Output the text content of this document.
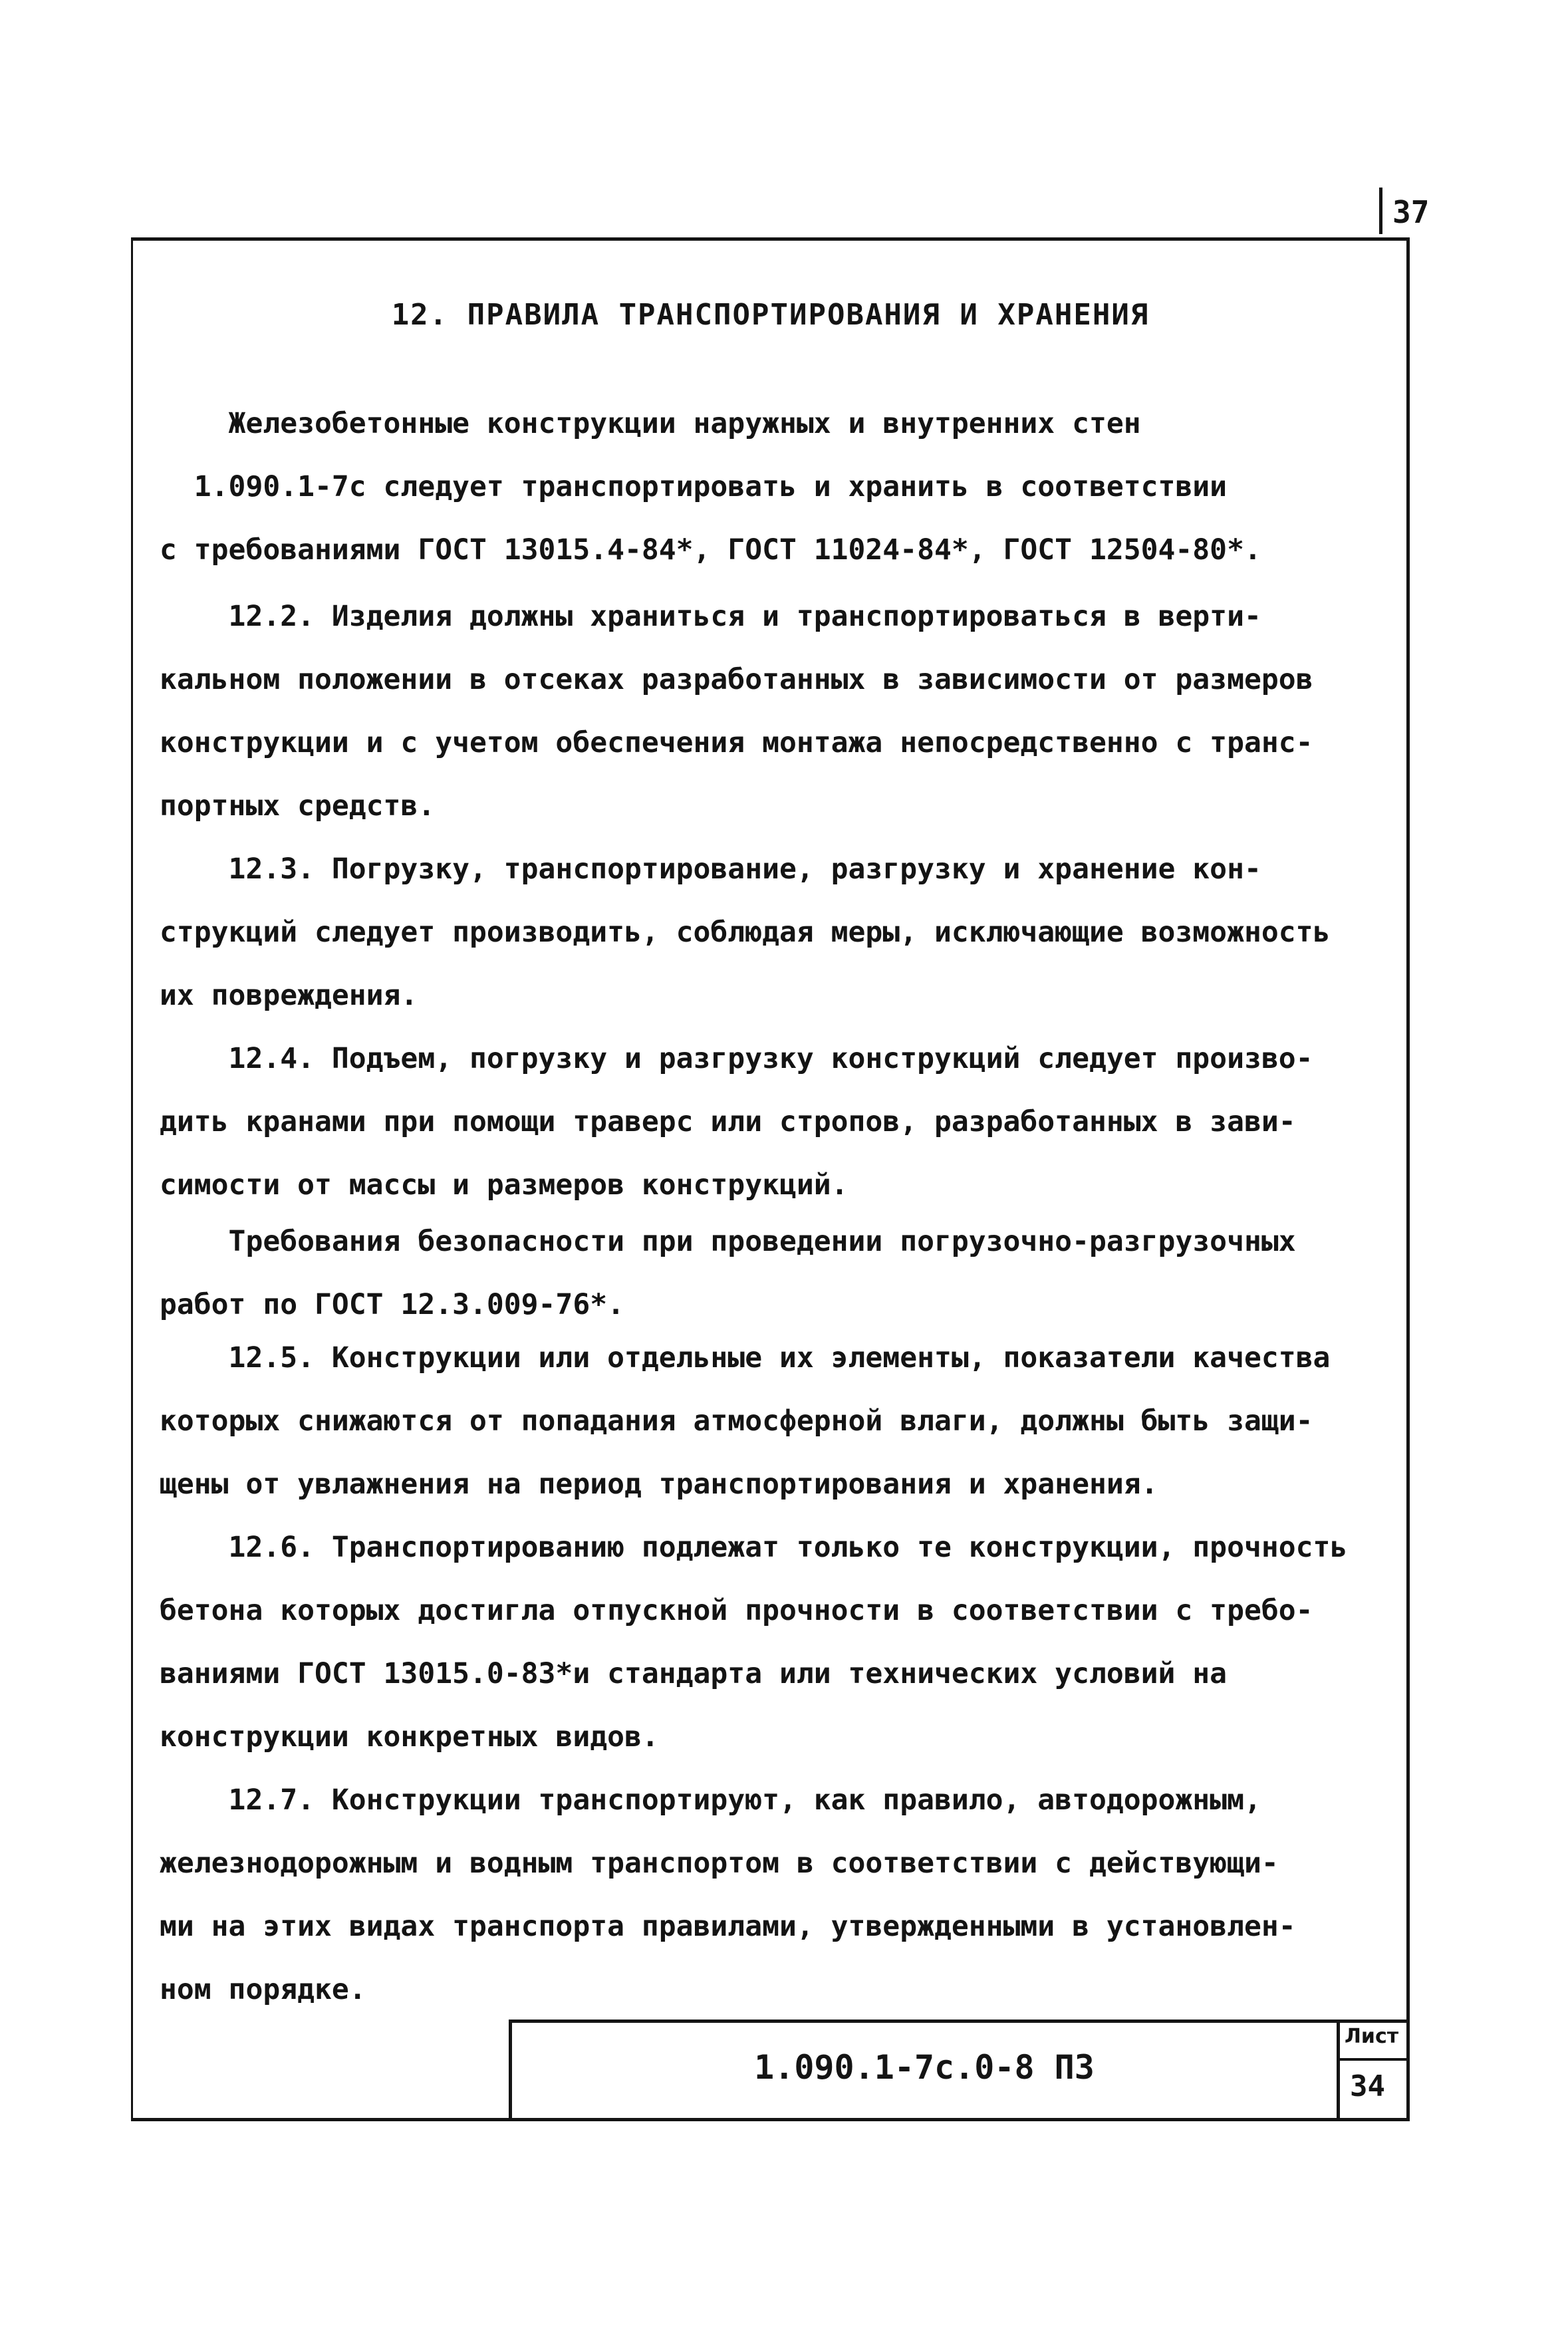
37
12. ПРАВИЛА ТРАНСПОРТИРОВАНИЯ И ХРАНЕНИЯ
Железобетонные конструкции наружных и внутренних стен
1.090.1-7с следует транспортировать и хранить в соответствии
с требованиями ГОСТ 13015.4-84*, ГОСТ 11024-84*, ГОСТ 12504-80*.
12.2. Изделия должны храниться и транспортироваться в верти-
кальном положении в отсеках разработанных в зависимости от размеров
конструкции и с учетом обеспечения монтажа непосредственно с транс-
портных средств.
12.3. Погрузку, транспортирование, разгрузку и хранение кон-
струкций следует производить, соблюдая меры, исключающие возможность
их повреждения.
12.4. Подъем, погрузку и разгрузку конструкций следует произво-
дить кранами при помощи траверс или стропов, разработанных в зави-
симости от массы и размеров конструкций.
Требования безопасности при проведении погрузочно-разгрузочных
работ по ГОСТ 12.3.009-76*.
12.5. Конструкции или отдельные их элементы, показатели качества
которых снижаются от попадания атмосферной влаги, должны быть защи-
щены от увлажнения на период транспортирования и хранения.
12.6. Транспортированию подлежат только те конструкции, прочность
бетона которых достигла отпускной прочности в соответствии с требо-
ваниями ГОСТ 13015.0-83*и стандарта или технических условий на
конструкции конкретных видов.
12.7. Конструкции транспортируют, как правило, автодорожным,
железнодорожным и водным транспортом в соответствии с действующи-
ми на этих видах транспорта правилами, утвержденными в установлен-
ном порядке.
1.090.1-7с.0-8 ПЗ
Лист
34
